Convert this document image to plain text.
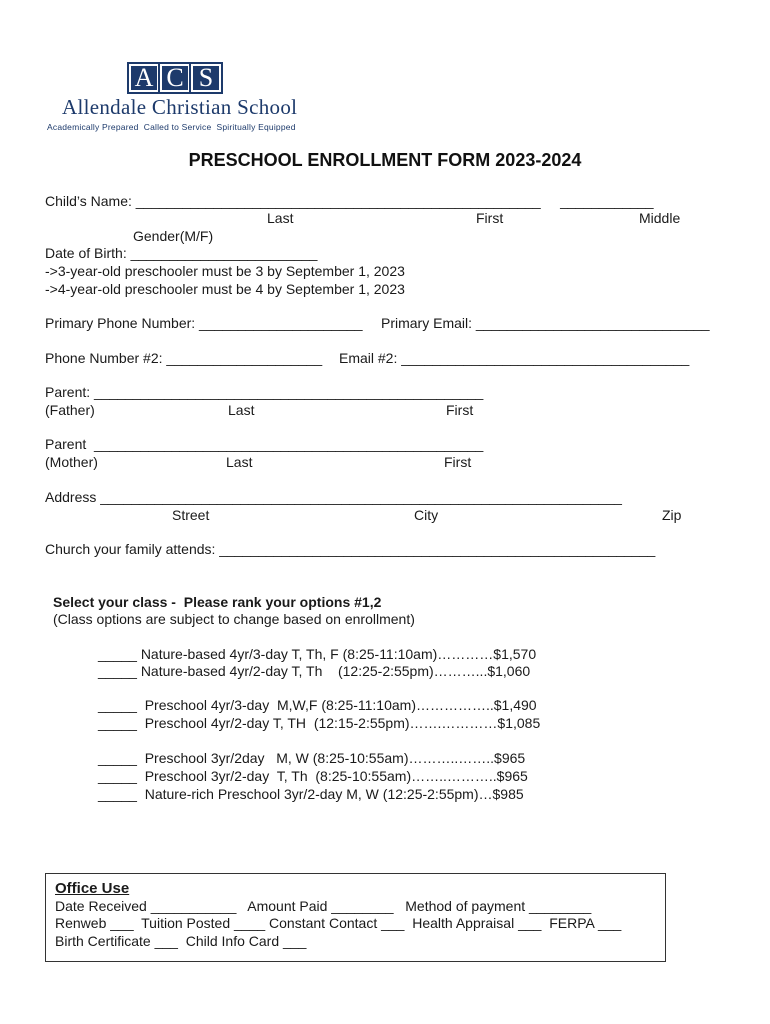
A C S
Allendale Christian School
Academically Prepared  Called to Service  Spiritually Equipped
PRESCHOOL ENROLLMENT FORM 2023-2024
Child’s Name: ____________________________________________________     ____________
Last	First	Middle
Gender(M/F)
Date of Birth: ________________________
->3-year-old preschooler must be 3 by September 1, 2023
->4-year-old preschooler must be 4 by September 1, 2023
Primary Phone Number: _____________________ Primary Email: ______________________________
Phone Number #2: ____________________ Email #2: _____________________________________
Parent: __________________________________________________
(Father)	Last	First
Parent  __________________________________________________
(Mother)	Last	First
Address ___________________________________________________________________
Street	City	Zip
Church your family attends: ________________________________________________________
Select your class -  Please rank your options #1,2
(Class options are subject to change based on enrollment)
_____ Nature-based 4yr/3-day T, Th, F (8:25-11:10am)…………$1,570
_____ Nature-based 4yr/2-day T, Th    (12:25-2:55pm)………...$1,060
_____  Preschool 4yr/3-day  M,W,F (8:25-11:10am)……………..$1,490
_____  Preschool 4yr/2-day T, TH  (12:15-2:55pm)…….…………$1,085
_____  Preschool 3yr/2day   M, W (8:25-10:55am)………..……..$965
_____  Preschool 3yr/2-day  T, Th  (8:25-10:55am)……..………..$965
_____  Nature-rich Preschool 3yr/2-day M, W (12:25-2:55pm)…$985
Office Use
Date Received ___________   Amount Paid ________   Method of payment ________
Renweb ___  Tuition Posted ____ Constant Contact ___  Health Appraisal ___  FERPA ___
Birth Certificate ___  Child Info Card ___
